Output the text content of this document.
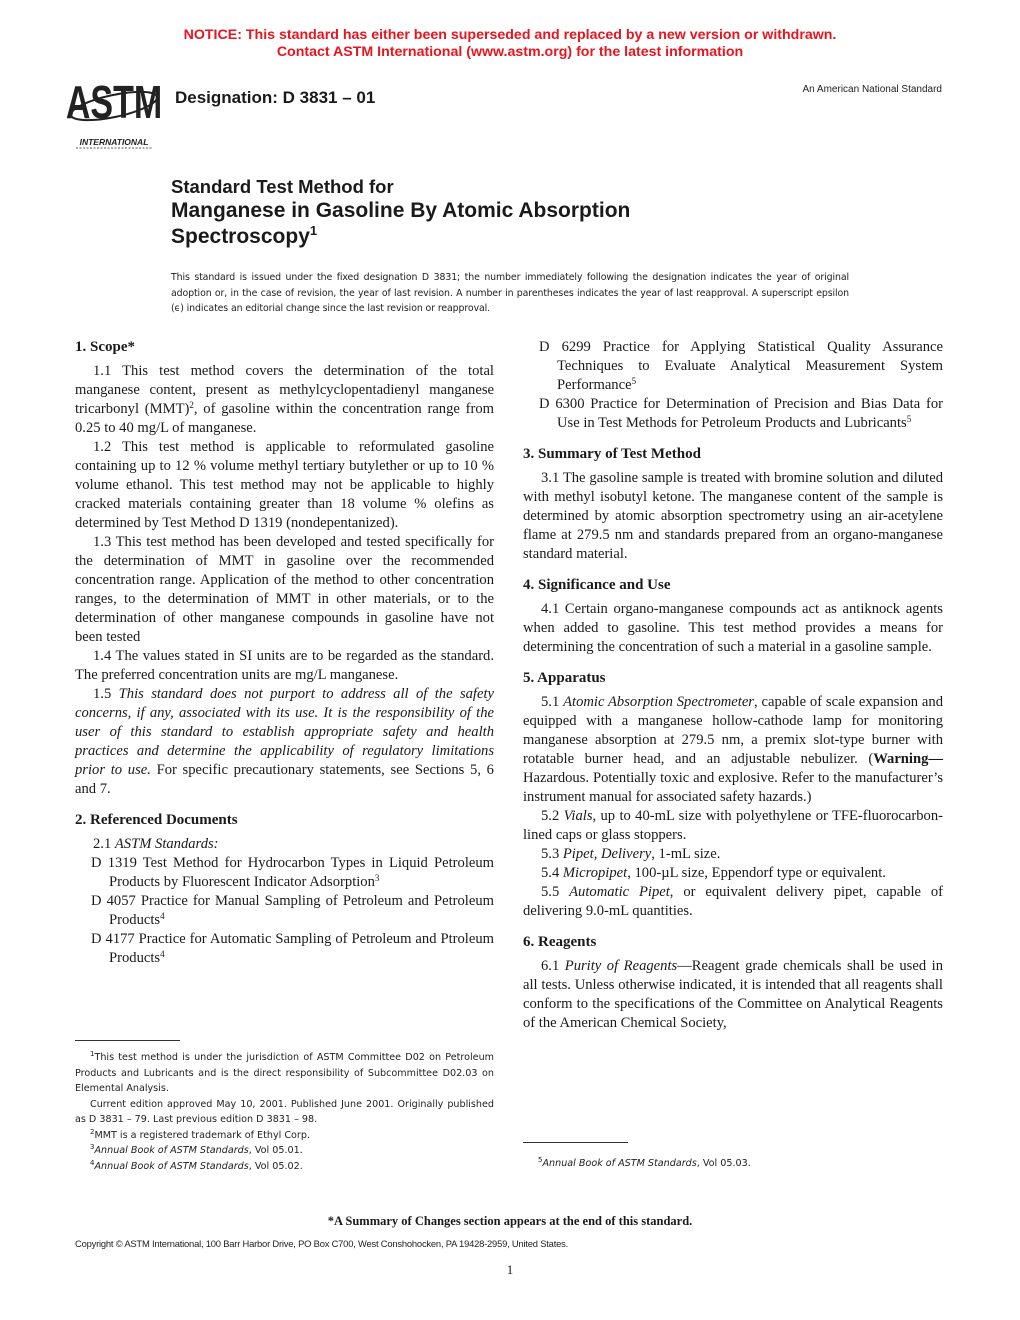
NOTICE: This standard has either been superseded and replaced by a new version or withdrawn.
Contact ASTM International (www.astm.org) for the latest information
ASTM
INTERNATIONAL
Designation: D 3831 – 01	An American National Standard
Standard Test Method for
Manganese in Gasoline By Atomic Absorption
Spectroscopy$^1$
This standard is issued under the fixed designation D 3831; the number immediately following the designation indicates the year of original adoption or, in the case of revision, the year of last revision. A number in parentheses indicates the year of last reapproval. A superscript epsilon (ϵ) indicates an editorial change since the last revision or reapproval.

1. Scope*

1.1 This test method covers the determination of the total manganese content, present as methylcyclopentadienyl manganese tricarbonyl (MMT)$^2$, of gasoline within the concentration range from 0.25 to 40 mg/L of manganese.

1.2 This test method is applicable to reformulated gasoline containing up to 12 % volume methyl tertiary butylether or up to 10 % volume ethanol. This test method may not be applicable to highly cracked materials containing greater than 18 volume % olefins as determined by Test Method D 1319 (nondepentanized).

1.3 This test method has been developed and tested specifically for the determination of MMT in gasoline over the recommended concentration range. Application of the method to other concentration ranges, to the determination of MMT in other materials, or to the determination of other manganese compounds in gasoline have not been tested

1.4 The values stated in SI units are to be regarded as the standard. The preferred concentration units are mg/L manganese.

1.5 This standard does not purport to address all of the safety concerns, if any, associated with its use. It is the responsibility of the user of this standard to establish appropriate safety and health practices and determine the applicability of regulatory limitations prior to use. For specific precautionary statements, see Sections 5, 6 and 7.

2. Referenced Documents

2.1 ASTM Standards:

D 1319 Test Method for Hydrocarbon Types in Liquid Petroleum Products by Fluorescent Indicator Adsorption$^3$

D 4057 Practice for Manual Sampling of Petroleum and Petroleum Products$^4$

D 4177 Practice for Automatic Sampling of Petroleum and Ptroleum Products$^4$

$^1$This test method is under the jurisdiction of ASTM Committee D02 on Petroleum Products and Lubricants and is the direct responsibility of Subcommittee D02.03 on Elemental Analysis.

Current edition approved May 10, 2001. Published June 2001. Originally published as D 3831 – 79. Last previous edition D 3831 – 98.

$^2$MMT is a registered trademark of Ethyl Corp.

$^3$Annual Book of ASTM Standards, Vol 05.01.

$^4$Annual Book of ASTM Standards, Vol 05.02.

D 6299 Practice for Applying Statistical Quality Assurance Techniques to Evaluate Analytical Measurement System Performance$^5$

D 6300 Practice for Determination of Precision and Bias Data for Use in Test Methods for Petroleum Products and Lubricants$^5$

3. Summary of Test Method

3.1 The gasoline sample is treated with bromine solution and diluted with methyl isobutyl ketone. The manganese content of the sample is determined by atomic absorption spectrometry using an air-acetylene flame at 279.5 nm and standards prepared from an organo-manganese standard material.

4. Significance and Use

4.1 Certain organo-manganese compounds act as antiknock agents when added to gasoline. This test method provides a means for determining the concentration of such a material in a gasoline sample.

5. Apparatus

5.1 Atomic Absorption Spectrometer, capable of scale expansion and equipped with a manganese hollow-cathode lamp for monitoring manganese absorption at 279.5 nm, a premix slot-type burner with rotatable burner head, and an adjustable nebulizer. (Warning—Hazardous. Potentially toxic and explosive. Refer to the manufacturer’s instrument manual for associated safety hazards.)

5.2 Vials, up to 40-mL size with polyethylene or TFE-fluorocarbon-lined caps or glass stoppers.

5.3 Pipet, Delivery, 1-mL size.

5.4 Micropipet, 100-µL size, Eppendorf type or equivalent.

5.5 Automatic Pipet, or equivalent delivery pipet, capable of delivering 9.0-mL quantities.

6. Reagents

6.1 Purity of Reagents—Reagent grade chemicals shall be used in all tests. Unless otherwise indicated, it is intended that all reagents shall conform to the specifications of the Committee on Analytical Reagents of the American Chemical Society,

$^5$Annual Book of ASTM Standards, Vol 05.03.

*A Summary of Changes section appears at the end of this standard.
Copyright © ASTM International, 100 Barr Harbor Drive, PO Box C700, West Conshohocken, PA 19428-2959, United States.
1
